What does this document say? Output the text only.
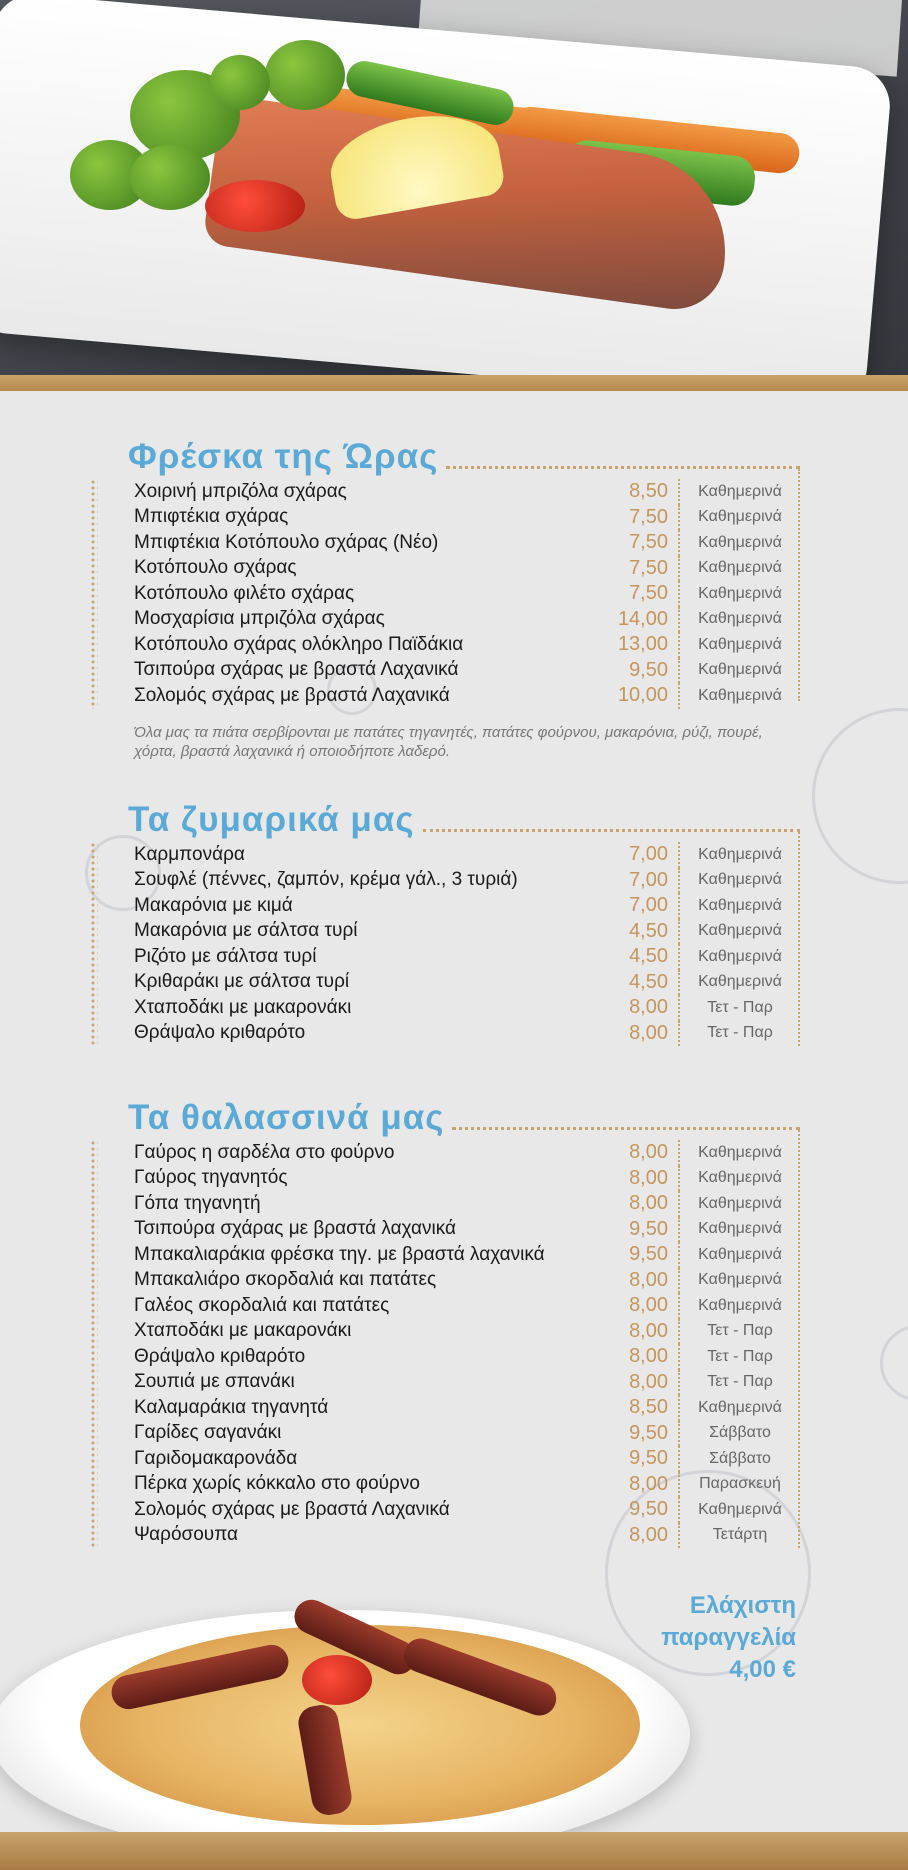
Φρέσκα της Ώρας
Χοιρινή μπριζόλα σχάρας	8,50	Καθημερινά
Μπιφτέκια σχάρας	7,50	Καθημερινά
Μπιφτέκια Κοτόπουλο σχάρας (Νέο)	7,50	Καθημερινά
Κοτόπουλο σχάρας	7,50	Καθημερινά
Κοτόπουλο φιλέτο σχάρας	7,50	Καθημερινά
Μοσχαρίσια μπριζόλα σχάρας	14,00	Καθημερινά
Κοτόπουλο σχάρας ολόκληρο Παϊδάκια	13,00	Καθημερινά
Τσιπούρα σχάρας με βραστά Λαχανικά	9,50	Καθημερινά
Σολομός σχάρας με βραστά Λαχανικά	10,00	Καθημερινά
Όλα μας τα πιάτα σερβίρονται με πατάτες τηγανητές, πατάτες φούρνου, μακαρόνια, ρύζι, πουρέ, χόρτα, βραστά λαχανικά ή οποιοδήποτε λαδερό.
Τα ζυμαρικά μας
Καρμπονάρα	7,00	Καθημερινά
Σουφλέ (πέννες, ζαμπόν, κρέμα γάλ., 3 τυριά)	7,00	Καθημερινά
Μακαρόνια με κιμά	7,00	Καθημερινά
Μακαρόνια με σάλτσα τυρί	4,50	Καθημερινά
Ριζότο με σάλτσα τυρί	4,50	Καθημερινά
Κριθαράκι με σάλτσα τυρί	4,50	Καθημερινά
Χταποδάκι με μακαρονάκι	8,00	Τετ - Παρ
Θράψαλο κριθαρότο	8,00	Τετ - Παρ
Τα θαλασσινά μας
Γαύρος η σαρδέλα στο φούρνο	8,00	Καθημερινά
Γαύρος τηγανητός	8,00	Καθημερινά
Γόπα τηγανητή	8,00	Καθημερινά
Τσιπούρα σχάρας με βραστά λαχανικά	9,50	Καθημερινά
Μπακαλιαράκια φρέσκα τηγ. με βραστά λαχανικά	9,50	Καθημερινά
Μπακαλιάρο σκορδαλιά και πατάτες	8,00	Καθημερινά
Γαλέος σκορδαλιά και πατάτες	8,00	Καθημερινά
Χταποδάκι με μακαρονάκι	8,00	Τετ - Παρ
Θράψαλο κριθαρότο	8,00	Τετ - Παρ
Σουπιά με σπανάκι	8,00	Τετ - Παρ
Καλαμαράκια τηγανητά	8,50	Καθημερινά
Γαρίδες σαγανάκι	9,50	Σάββατο
Γαριδομακαρονάδα	9,50	Σάββατο
Πέρκα χωρίς κόκκαλο στο φούρνο	8,00	Παρασκευή
Σολομός σχάρας με βραστά Λαχανικά	9,50	Καθημερινά
Ψαρόσουπα	8,00	Τετάρτη
Ελάχιστη
παραγγελία
4,00 €
